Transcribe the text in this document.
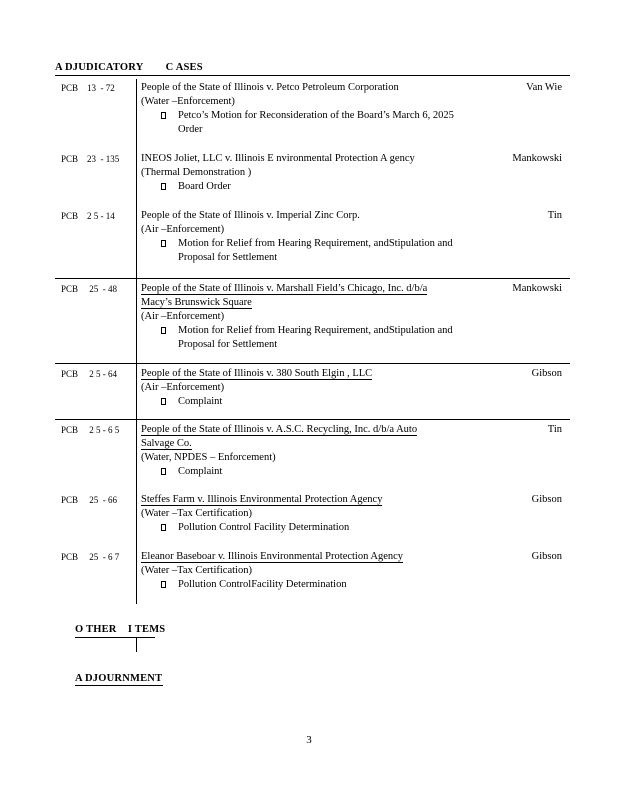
A DJUDICATORY        C ASES
PCB    13  - 72 People of the State of Illinois v. Petco Petroleum Corporation
(Water –Enforcement)
Petco’s Motion for Reconsideration of the Board’s March 6, 2025 Order
Van Wie
PCB    23  - 135 INEOS Joliet, LLC v. Illinois E nvironmental Protection A gency
(Thermal Demonstration )
Board Order
Mankowski
PCB    2 5 - 14 People of the State of Illinois v. Imperial Zinc Corp.
(Air –Enforcement)
Motion for Relief from Hearing Requirement, andStipulation and Proposal for Settlement
Tin
PCB     25  - 48 People of the State of Illinois v. Marshall Field’s Chicago, Inc. d/b/a
Macy’s Brunswick Square
(Air –Enforcement)
Motion for Relief from Hearing Requirement, andStipulation and Proposal for Settlement
Mankowski
PCB     2 5 - 64 People of the State of Illinois v. 380 South Elgin , LLC
(Air –Enforcement)
Complaint
Gibson
PCB     2 5 - 6 5 People of the State of Illinois v. A.S.C. Recycling, Inc. d/b/a Auto
Salvage Co.
(Water, NPDES – Enforcement)
Complaint
Tin
PCB     25  - 66 Steffes Farm v. Illinois Environmental Protection Agency
(Water –Tax Certification)
Pollution Control Facility Determination
Gibson
PCB     25  - 6 7 Eleanor Baseboar v. Illinois Environmental Protection Agency
(Water –Tax Certification)
Pollution ControlFacility Determination
Gibson
O THER    I TEMS
A DJOURNMENT
3
